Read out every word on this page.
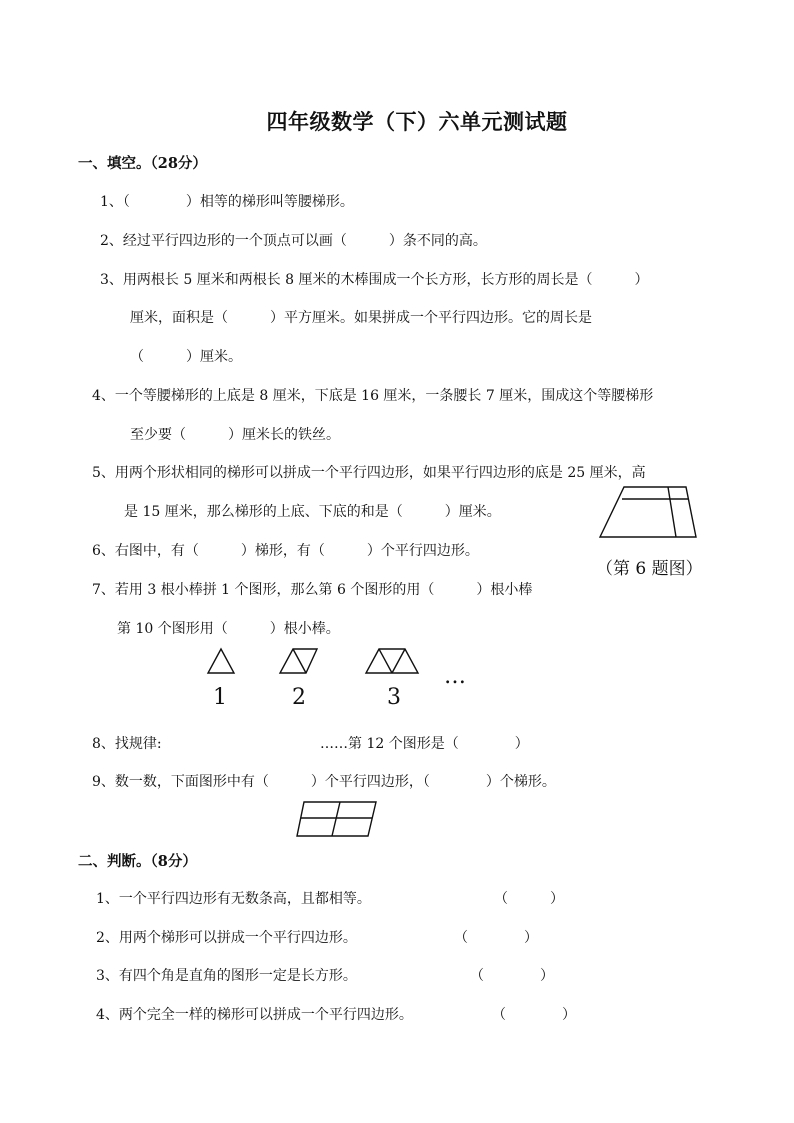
四年级数学（下）六单元测试题
一、填空。（28分）
1、（　　　　）相等的梯形叫等腰梯形。
2、经过平行四边形的一个顶点可以画（　　　）条不同的高。
3、用两根长 5 厘米和两根长 8 厘米的木棒围成一个长方形，长方形的周长是（　　　）
厘米，面积是（　　　）平方厘米。如果拼成一个平行四边形。它的周长是
（　　　）厘米。
4、一个等腰梯形的上底是 8 厘米，下底是 16 厘米，一条腰长 7 厘米，围成这个等腰梯形
至少要（　　　）厘米长的铁丝。
5、用两个形状相同的梯形可以拼成一个平行四边形，如果平行四边形的底是 25 厘米，高
是 15 厘米，那么梯形的上底、下底的和是（　　　）厘米。
6、右图中，有（　　　）梯形，有（　　　）个平行四边形。
（第 6 题图）
7、若用 3 根小棒拼 1 个图形，那么第 6 个图形的用（　　　）根小棒
第 10 个图形用（　　　）根小棒。
1	2	3
…
8、找规律:	……第 12 个图形是（　　　　）
9、数一数，下面图形中有（　　　）个平行四边形，（　　　　）个梯形。
二、判断。（8分）
1、一个平行四边形有无数条高，且都相等。	（　　　）
2、用两个梯形可以拼成一个平行四边形。	（　　　　）
3、有四个角是直角的图形一定是长方形。	（　　　　）
4、两个完全一样的梯形可以拼成一个平行四边形。	（　　　　）
